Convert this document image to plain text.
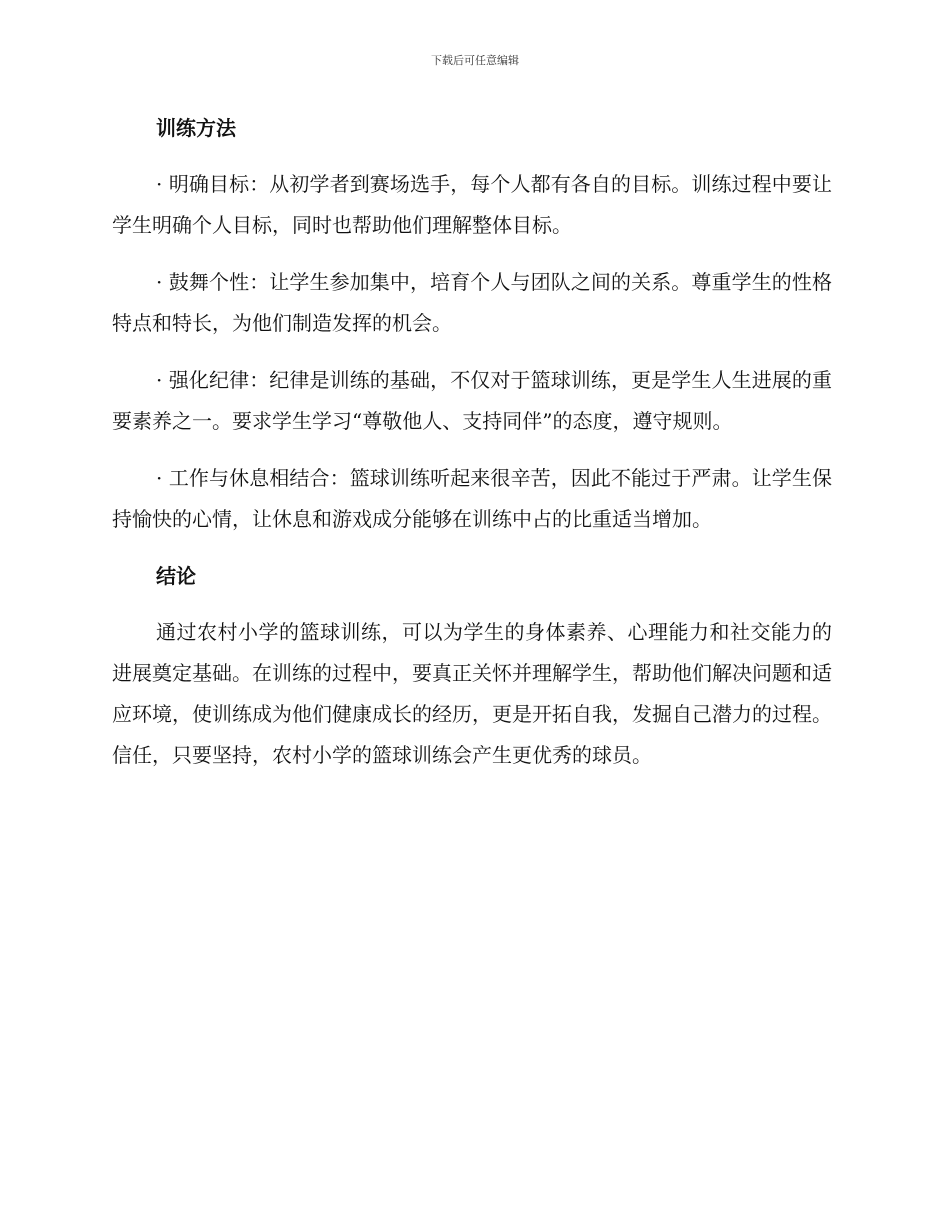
下载后可任意编辑
训练方法

· 明确目标：从初学者到赛场选手，每个人都有各自的目标。训练过程中要让学生明确个人目标，同时也帮助他们理解整体目标。

· 鼓舞个性：让学生参加集中，培育个人与团队之间的关系。尊重学生的性格特点和特长，为他们制造发挥的机会。

· 强化纪律：纪律是训练的基础，不仅对于篮球训练，更是学生人生进展的重要素养之一。要求学生学习“尊敬他人、支持同伴”的态度，遵守规则。

· 工作与休息相结合：篮球训练听起来很辛苦，因此不能过于严肃。让学生保持愉快的心情，让休息和游戏成分能够在训练中占的比重适当增加。

结论

通过农村小学的篮球训练，可以为学生的身体素养、心理能力和社交能力的进展奠定基础。在训练的过程中，要真正关怀并理解学生，帮助他们解决问题和适应环境，使训练成为他们健康成长的经历，更是开拓自我，发掘自己潜力的过程。信任，只要坚持，农村小学的篮球训练会产生更优秀的球员。
